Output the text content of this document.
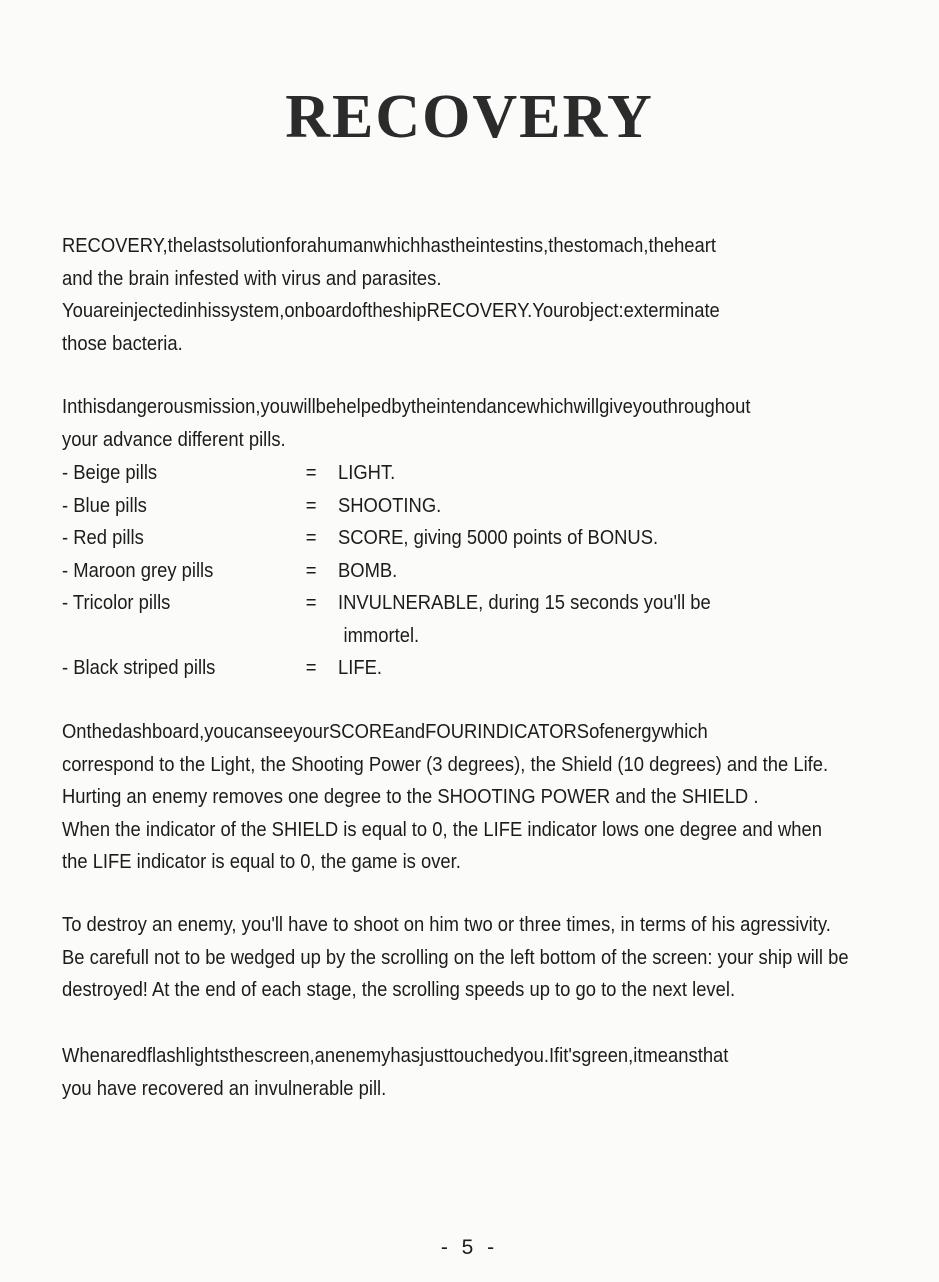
RECOVERY
RECOVERY,thelastsolutionforahumanwhichhastheintestins,thestomach,theheart
and the brain infested with virus and parasites.
Youareinjectedinhissystem,onboardoftheshipRECOVERY.Yourobject:exterminate
those bacteria.
Inthisdangerousmission,youwillbehelpedbytheintendancewhichwillgiveyouthroughout
your advance different pills.
- Beige pills	= LIGHT.
- Blue pills	= SHOOTING.
- Red pills	= SCORE, giving 5000 points of BONUS.
- Maroon grey pills	= BOMB.
- Tricolor pills	= INVULNERABLE, during 15 seconds you'll be
immortel.
- Black striped pills	= LIFE.
Onthedashboard,youcanseeyourSCOREandFOURINDICATORSofenergywhich
correspond to the Light, the Shooting Power (3 degrees), the Shield (10 degrees) and the Life.
Hurting an enemy removes one degree to the SHOOTING POWER and the SHIELD .
When the indicator of the SHIELD is equal to 0, the LIFE indicator lows one degree and when
the LIFE indicator is equal to 0, the game is over.
To destroy an enemy, you'll have to shoot on him two or three times, in terms of his agressivity.
Be carefull not to be wedged up by the scrolling on the left bottom of the screen: your ship will be
destroyed! At the end of each stage, the scrolling speeds up to go to the next level.
Whenaredflashlightsthescreen,anenemyhasjusttouchedyou.Ifit'sgreen,itmeansthat
you have recovered an invulnerable pill.
- 5 -
